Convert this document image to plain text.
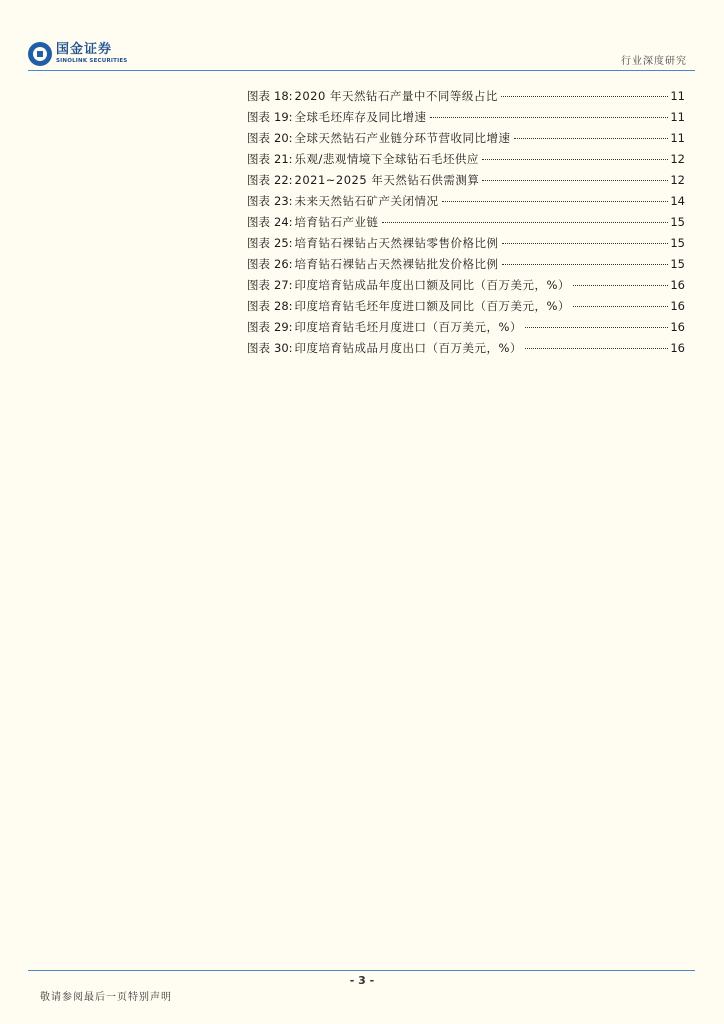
国金证券
SINOLINK SECURITIES	行业深度研究
图表 18: 2020 年天然钻石产量中不同等级占比	11
图表 19: 全球毛坯库存及同比增速	11
图表 20: 全球天然钻石产业链分环节营收同比增速	11
图表 21: 乐观/悲观情境下全球钻石毛坯供应	12
图表 22: 2021~2025 年天然钻石供需测算	12
图表 23: 未来天然钻石矿产关闭情况	14
图表 24: 培育钻石产业链	15
图表 25: 培育钻石裸钻占天然裸钻零售价格比例	15
图表 26: 培育钻石裸钻占天然裸钻批发价格比例	15
图表 27: 印度培育钻成品年度出口额及同比（百万美元，%）	16
图表 28: 印度培育钻毛坯年度进口额及同比（百万美元，%）	16
图表 29: 印度培育钻毛坯月度进口（百万美元，%）	16
图表 30: 印度培育钻成品月度出口（百万美元，%）	16
- 3 -
敬请参阅最后一页特别声明
